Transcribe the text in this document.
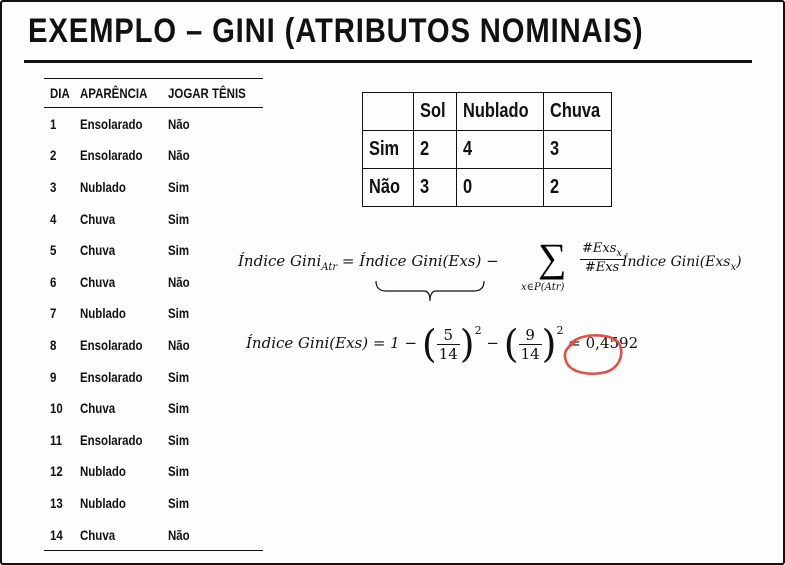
EXEMPLO – GINI (ATRIBUTOS NOMINAIS)
DIA	APARÊNCIA	JOGAR TÊNIS
1	Ensolarado	Não
2	Ensolarado	Não
3	Nublado	Sim
4	Chuva	Sim
5	Chuva	Sim
6	Chuva	Não
7	Nublado	Sim
8	Ensolarado	Não
9	Ensolarado	Sim
10	Chuva	Sim
11	Ensolarado	Sim
12	Nublado	Sim
13	Nublado	Sim
14	Chuva	Não
	Sol	Nublado	Chuva
Sim	2	4	3
Não	3	0	2
Índice Gini$_{Atr}$ = Índice Gini(Exs) − ∑
x∈P(Atr)
$\frac{\#Exs_x}{\text{\#Exs}}$
Índice Gini(Exs$_x$)
Índice Gini(Exs) = 1 − ( $\frac{5}{14} )^2$ − ( $\frac{9}{14} )^2 = 0,4592$
